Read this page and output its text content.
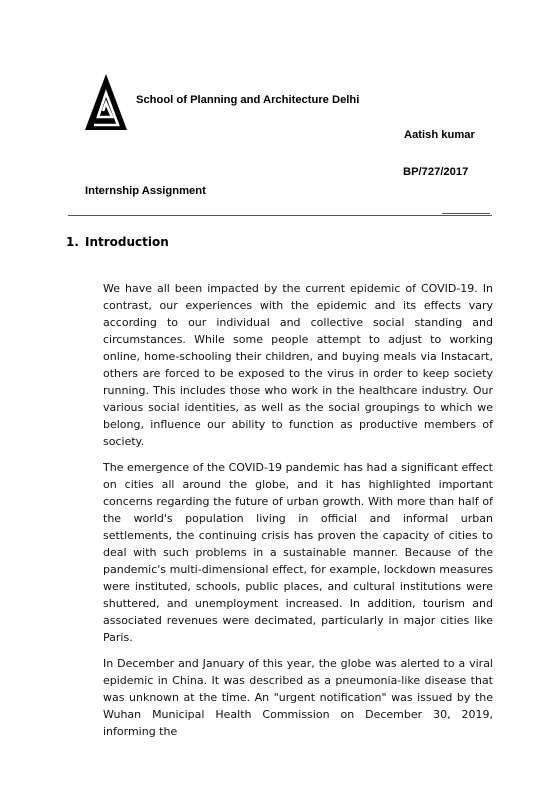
School of Planning and Architecture Delhi
Aatish kumar
BP/727/2017
Internship Assignment
1. Introduction

We have all been impacted by the current epidemic of COVID-19. In contrast, our experiences with the epidemic and its effects vary according to our individual and collective social standing and circumstances. While some people attempt to adjust to working online, home-schooling their children, and buying meals via Instacart, others are forced to be exposed to the virus in order to keep society running. This includes those who work in the healthcare industry. Our various social identities, as well as the social groupings to which we belong, influence our ability to function as productive members of society.

The emergence of the COVID-19 pandemic has had a significant effect on cities all around the globe, and it has highlighted important concerns regarding the future of urban growth. With more than half of the world's population living in official and informal urban settlements, the continuing crisis has proven the capacity of cities to deal with such problems in a sustainable manner. Because of the pandemic's multi-dimensional effect, for example, lockdown measures were instituted, schools, public places, and cultural institutions were shuttered, and unemployment increased. In addition, tourism and associated revenues were decimated, particularly in major cities like Paris.

In December and January of this year, the globe was alerted to a viral epidemic in China. It was described as a pneumonia-like disease that was unknown at the time. An "urgent notification" was issued by the Wuhan Municipal Health Commission on December 30, 2019, informing the
